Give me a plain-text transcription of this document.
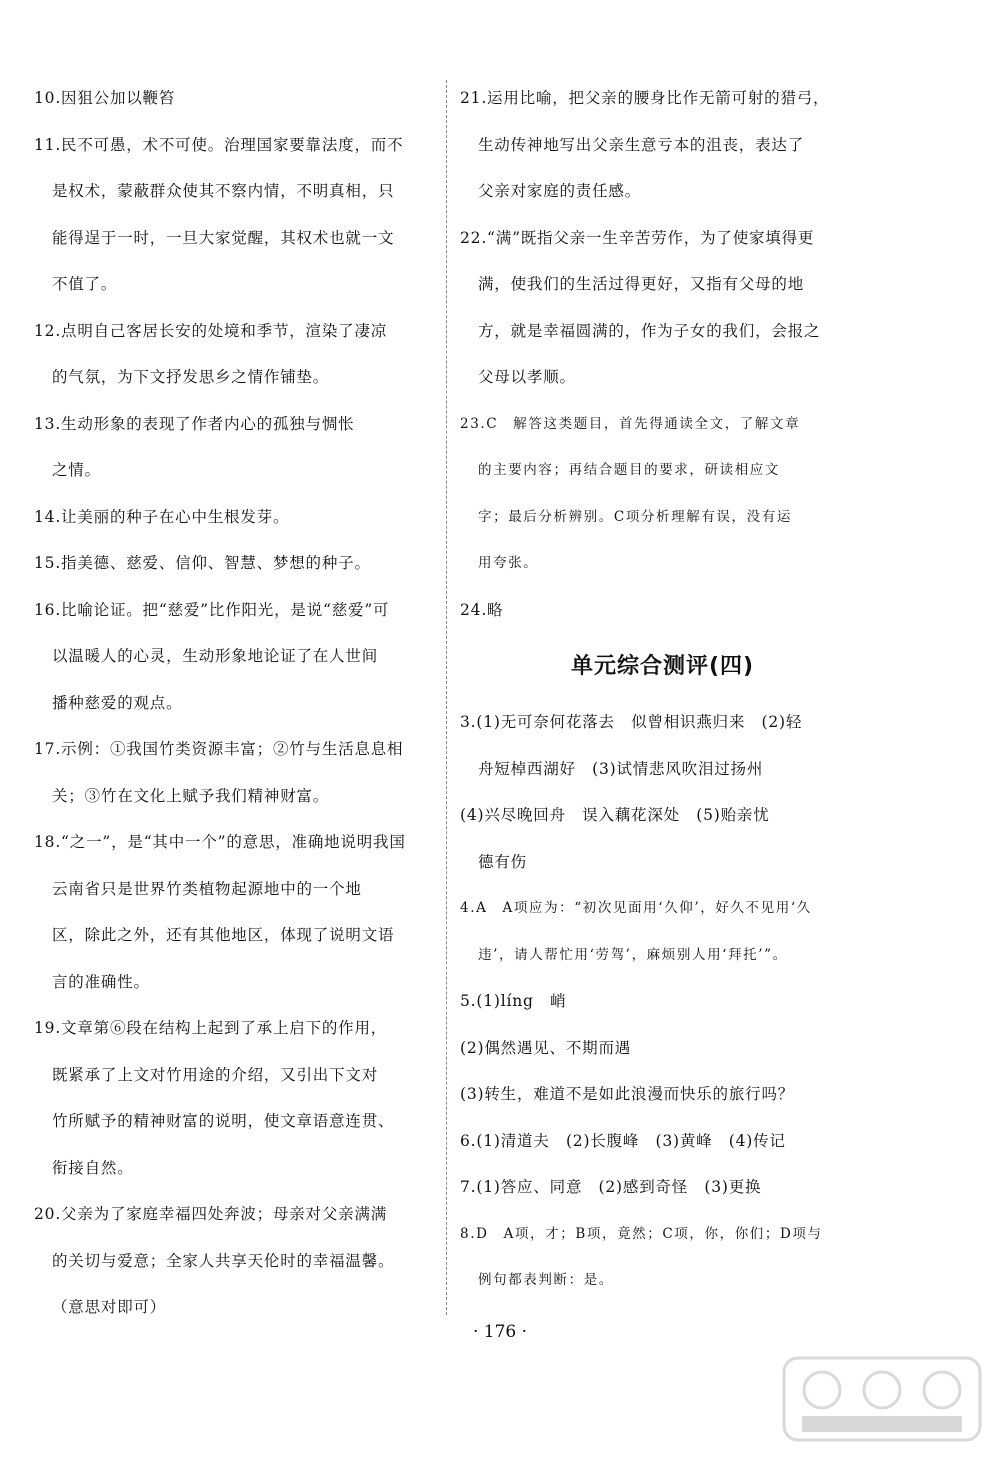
10.因狙公加以鞭笞
11.民不可愚，术不可使。治理国家要靠法度，而不
是权术，蒙蔽群众使其不察内情，不明真相，只
能得逞于一时，一旦大家觉醒，其权术也就一文
不值了。
12.点明自己客居长安的处境和季节，渲染了凄凉
的气氛，为下文抒发思乡之情作铺垫。
13.生动形象的表现了作者内心的孤独与惆怅
之情。
14.让美丽的种子在心中生根发芽。
15.指美德、慈爱、信仰、智慧、梦想的种子。
16.比喻论证。把“慈爱”比作阳光，是说“慈爱”可
以温暖人的心灵，生动形象地论证了在人世间
播种慈爱的观点。
17.示例：①我国竹类资源丰富；②竹与生活息息相
关；③竹在文化上赋予我们精神财富。
18.“之一”，是“其中一个”的意思，准确地说明我国
云南省只是世界竹类植物起源地中的一个地
区，除此之外，还有其他地区，体现了说明文语
言的准确性。
19.文章第⑥段在结构上起到了承上启下的作用，
既紧承了上文对竹用途的介绍，又引出下文对
竹所赋予的精神财富的说明，使文章语意连贯、
衔接自然。
20.父亲为了家庭幸福四处奔波；母亲对父亲满满
的关切与爱意；全家人共享天伦时的幸福温馨。
（意思对即可）
21.运用比喻，把父亲的腰身比作无箭可射的猎弓，
生动传神地写出父亲生意亏本的沮丧，表达了
父亲对家庭的责任感。
22.“满”既指父亲一生辛苦劳作，为了使家填得更
满，使我们的生活过得更好，又指有父母的地
方，就是幸福圆满的，作为子女的我们，会报之
父母以孝顺。
23.C　解答这类题目，首先得通读全文，了解文章
的主要内容；再结合题目的要求，研读相应文
字；最后分析辨别。C项分析理解有误，没有运
用夸张。
24.略
单元综合测评(四)
3.(1)无可奈何花落去　似曾相识燕归来　(2)轻
舟短棹西湖好　(3)试情悲风吹泪过扬州
(4)兴尽晚回舟　误入藕花深处　(5)贻亲忧
德有伤
4.A　A项应为：“初次见面用‘久仰’，好久不见用‘久
违’，请人帮忙用‘劳驾’，麻烦别人用‘拜托’”。
5.(1)líng　峭
(2)偶然遇见、不期而遇
(3)转生，难道不是如此浪漫而快乐的旅行吗？
6.(1)清道夫　(2)长腹峰　(3)黄峰　(4)传记
7.(1)答应、同意　(2)感到奇怪　(3)更换
8.D　A项，才；B项，竟然；C项，你，你们；D项与
例句都表判断：是。
· 176 ·
